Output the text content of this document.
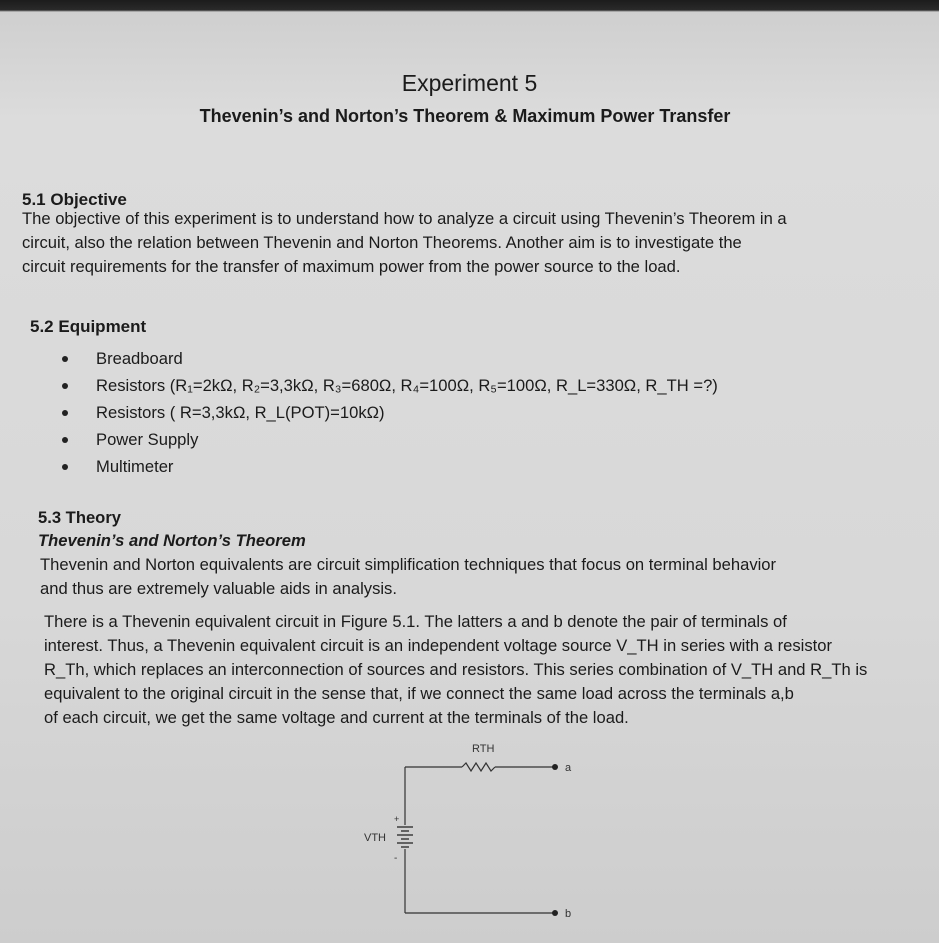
Experiment 5
Thevenin’s and Norton’s Theorem & Maximum Power Transfer
5.1 Objective
The objective of this experiment is to understand how to analyze a circuit using Thevenin’s Theorem in a
circuit, also the relation between Thevenin and Norton Theorems. Another aim is to investigate the
circuit requirements for the transfer of maximum power from the power source to the load.
5.2 Equipment
Breadboard
Resistors (R₁=2kΩ, R₂=3,3kΩ, R₃=680Ω, R₄=100Ω, R₅=100Ω, R_L=330Ω, R_TH =?)
Resistors ( R=3,3kΩ, R_L(POT)=10kΩ)
Power Supply
Multimeter
5.3 Theory
Thevenin’s and Norton’s Theorem
Thevenin and Norton equivalents are circuit simplification techniques that focus on terminal behavior
and thus are extremely valuable aids in analysis.
There is a Thevenin equivalent circuit in Figure 5.1. The latters a and b denote the pair of terminals of
interest. Thus, a Thevenin equivalent circuit is an independent voltage source V_TH in series with a resistor
R_Th, which replaces an interconnection of sources and resistors. This series combination of V_TH and R_Th is
equivalent to the original circuit in the sense that, if we connect the same load across the terminals a,b
of each circuit, we get the same voltage and current at the terminals of the load.
RTH
a
+
-
VTH
b
